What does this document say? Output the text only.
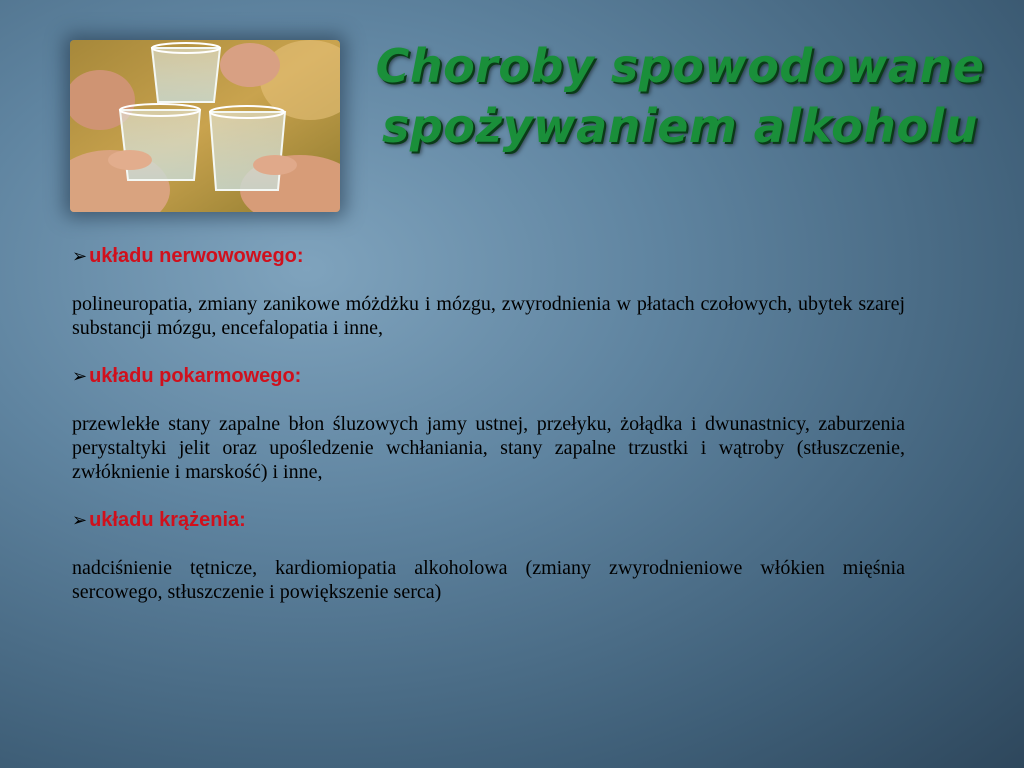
Choroby spowodowane
spożywaniem alkoholu
➢ układu nerwowowego:
polineuropatia, zmiany zanikowe móżdżku i mózgu, zwyrodnienia w płatach czołowych, ubytek szarej substancji mózgu, encefalopatia i inne,
➢ układu pokarmowego:
przewlekłe stany zapalne błon śluzowych jamy ustnej, przełyku, żołądka i dwunastnicy, zaburzenia perystaltyki jelit oraz upośledzenie wchłaniania, stany zapalne trzustki i wątroby (stłuszczenie, zwłóknienie i marskość) i inne,
➢ układu krążenia:
nadciśnienie tętnicze, kardiomiopatia alkoholowa (zmiany zwyrodnieniowe włókien mięśnia sercowego, stłuszczenie i powiększenie serca)
